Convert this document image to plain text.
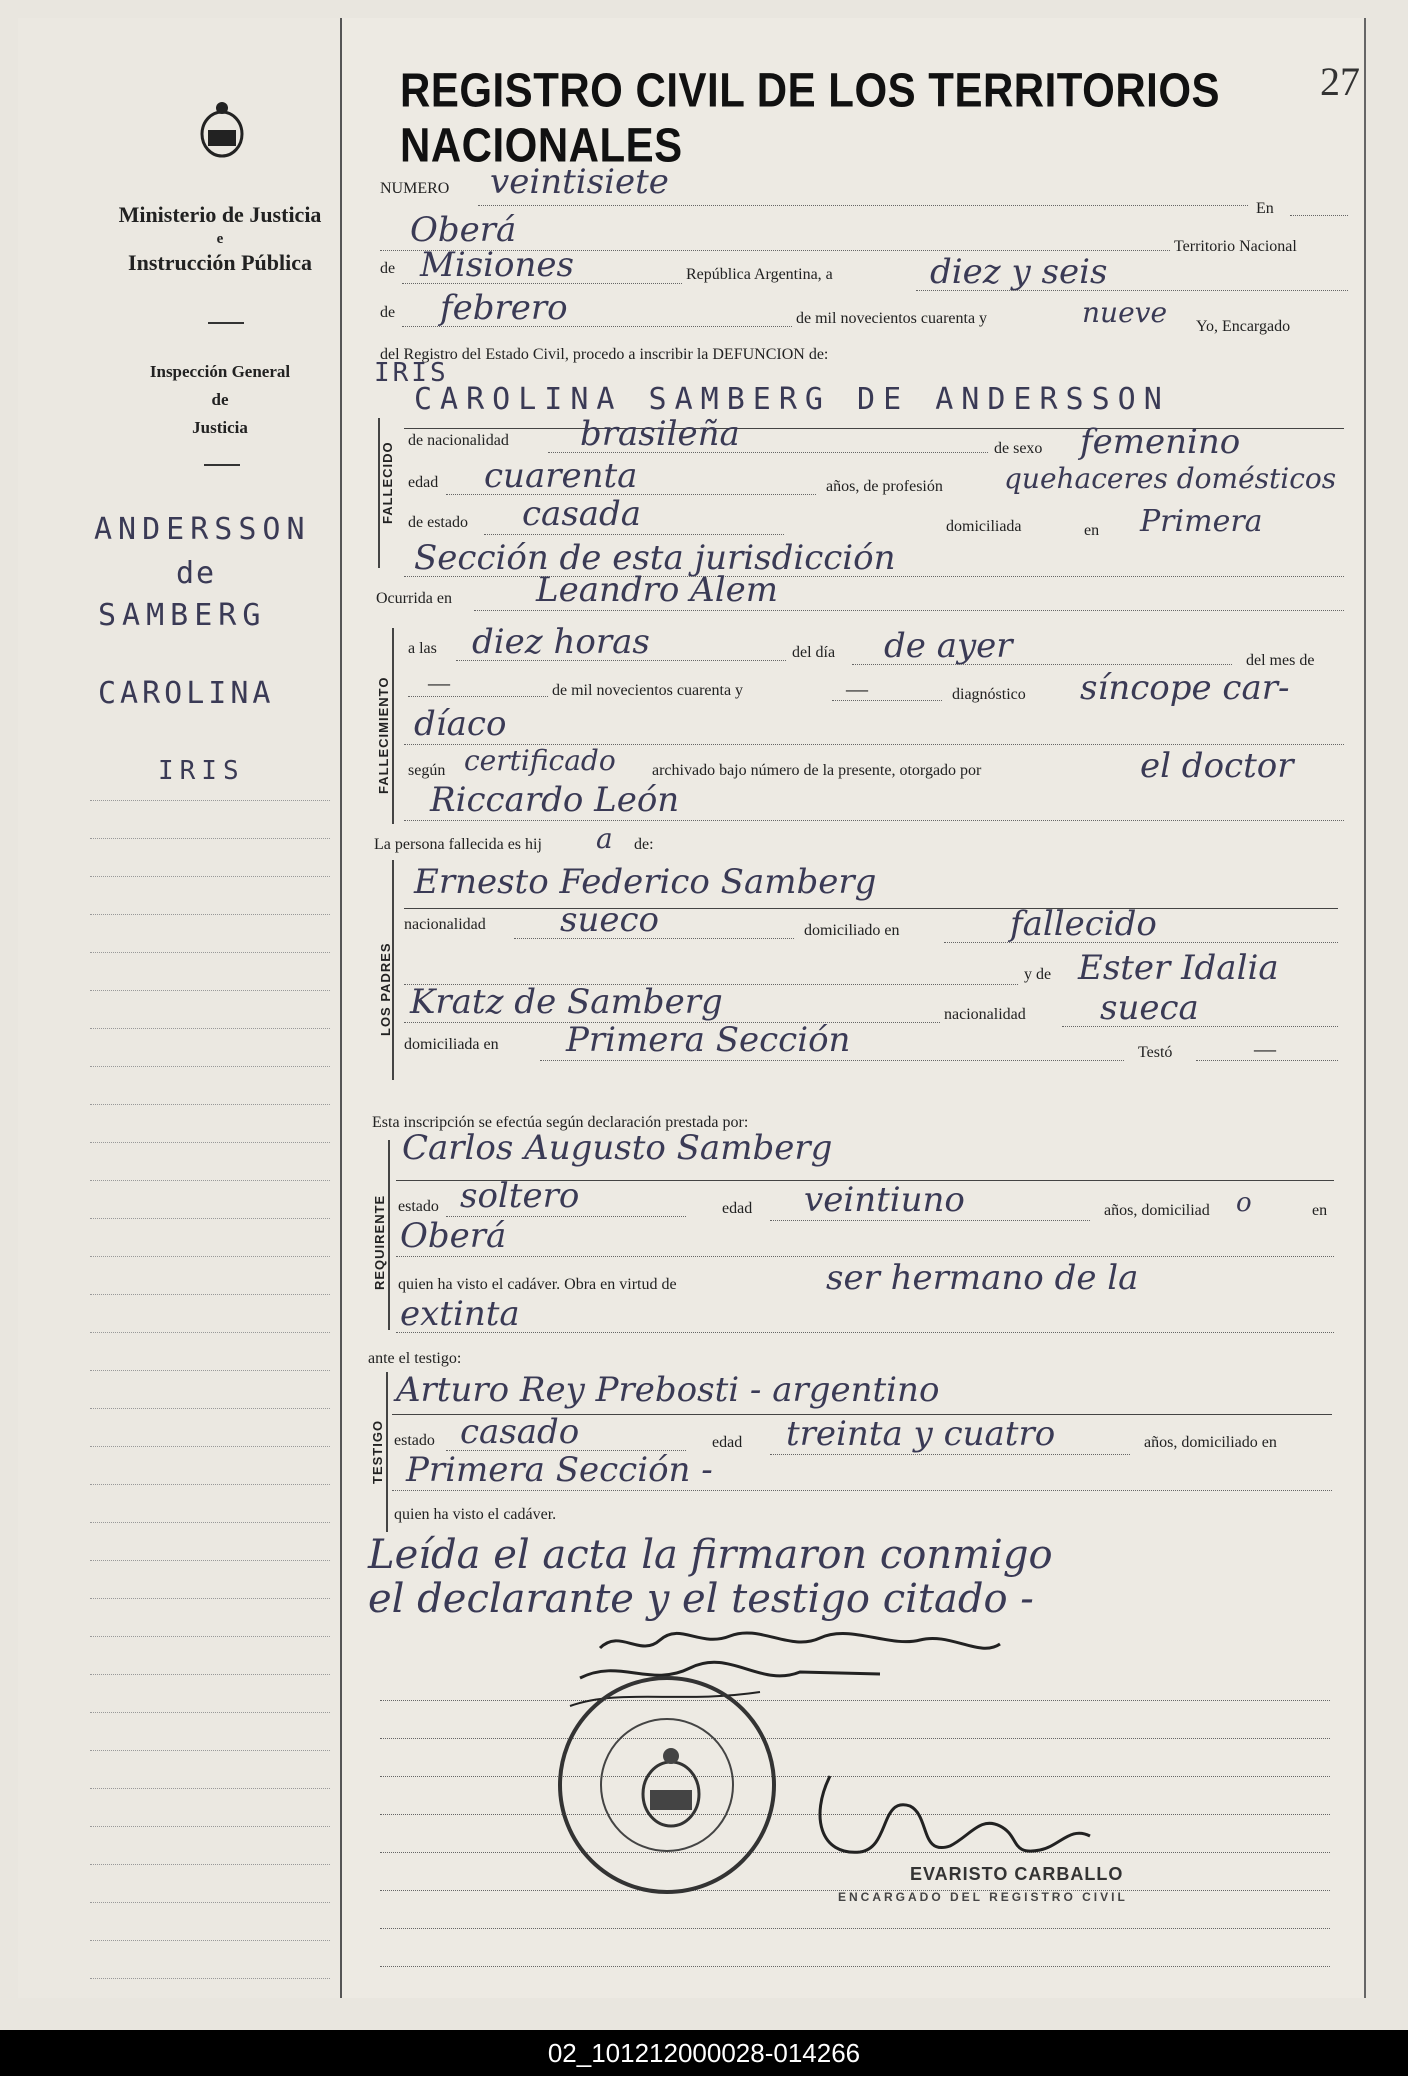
Ministerio de Justicia
e
Instrucción Pública
Inspección General
de
Justicia
ANDERSSON
de
SAMBERG
CAROLINA
IRIS
REGISTRO CIVIL DE LOS TERRITORIOS NACIONALES
27
NUMERO veintisiete
En
Oberá	Territorio Nacional
de Misiones	República Argentina, a	diez y seis
de febrero	de mil novecientos cuarenta y	nueve Yo, Encargado
del Registro del Estado Civil, procedo a inscribir la DEFUNCION de:
FALLECIDO
IRIS
CAROLINA SAMBERG DE ANDERSSON
de nacionalidad brasileña	de sexo femenino
edad cuarenta	años, de profesión quehaceres domésticos
de estado casada	domiciliada	en Primera
Sección de esta jurisdicción
Ocurrida en Leandro Alem
FALLECIMIENTO
a las diez horas	del día de ayer	del mes de
—	de mil novecientos cuarenta y	—	diagnóstico síncope car-
díaco
según certificado archivado bajo número de la presente, otorgado por	el doctor
Riccardo León
La persona fallecida es hij a de:
LOS PADRES
Ernesto Federico Samberg
nacionalidad sueco	domiciliado en	fallecido
y de Ester Idalia
Kratz de Samberg	nacionalidad sueca
domiciliada en Primera Sección	Testó	—
Esta inscripción se efectúa según declaración prestada por:
REQUIRENTE
Carlos Augusto Samberg
estado soltero	edad veintiuno	años, domiciliad o	en
Oberá
quien ha visto el cadáver. Obra en virtud de	ser hermano de la
extinta
ante el testigo:
TESTIGO
Arturo Rey Prebosti - argentino
estado casado	edad treinta y cuatro	años, domiciliado en
Primera Sección -
quien ha visto el cadáver.
Leída el acta la firmaron conmigo
el declarante y el testigo citado -
EVARISTO CARBALLO
ENCARGADO DEL REGISTRO CIVIL
02_101212000028-014266
